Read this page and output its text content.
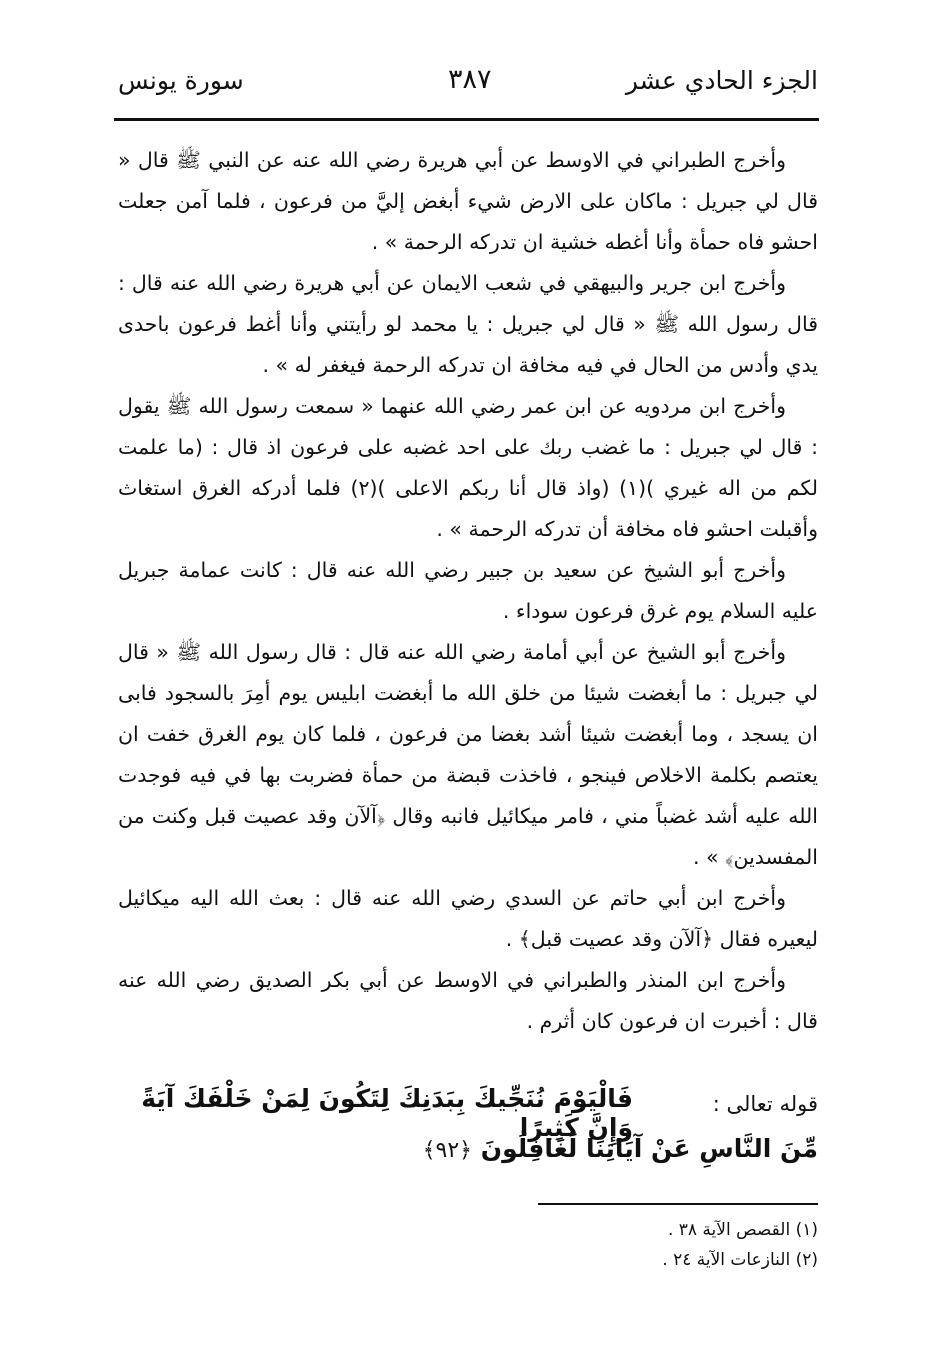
الجزء الحادي عشر
٣٨٧
سورة يونس

وأخرج الطبراني في الاوسط عن أبي هريرة رضي الله عنه عن النبي ﷺ قال « قال لي جبريل : ماكان على الارض شيء أبغض إليَّ من فرعون ، فلما آمن جعلت احشو فاه حمأة وأنا أغطه خشية ان تدركه الرحمة » .

وأخرج ابن جرير والبيهقي في شعب الايمان عن أبي هريرة رضي الله عنه قال : قال رسول الله ﷺ « قال لي جبريل : يا محمد لو رأيتني وأنا أغط فرعون باحدى يدي وأدس من الحال في فيه مخافة ان تدركه الرحمة فيغفر له » .

وأخرج ابن مردويه عن ابن عمر رضي الله عنهما « سمعت رسول الله ﷺ يقول : قال لي جبريل : ما غضب ربك على احد غضبه على فرعون اذ قال : (ما علمت لكم من اله غيري )(١) (واذ قال أنا ربكم الاعلى )(٢) فلما أدركه الغرق استغاث وأقبلت احشو فاه مخافة أن تدركه الرحمة » .

وأخرج أبو الشيخ عن سعيد بن جبير رضي الله عنه قال : كانت عمامة جبريل عليه السلام يوم غرق فرعون سوداء .

وأخرج أبو الشيخ عن أبي أمامة رضي الله عنه قال : قال رسول الله ﷺ « قال لي جبريل : ما أبغضت شيئا من خلق الله ما أبغضت ابليس يوم أمِرَ بالسجود فابى ان يسجد ، وما أبغضت شيئا أشد بغضا من فرعون ، فلما كان يوم الغرق خفت ان يعتصم بكلمة الاخلاص فينجو ، فاخذت قبضة من حمأة فضربت بها في فيه فوجدت الله عليه أشد غضباً مني ، فامر ميكائيل فانبه وقال ﴿آلآن وقد عصيت قبل وكنت من المفسدين﴾ » .

وأخرج ابن أبي حاتم عن السدي رضي الله عنه قال : بعث الله اليه ميكائيل ليعيره فقال ﴿آلآن وقد عصيت قبل﴾ .

وأخرج ابن المنذر والطبراني في الاوسط عن أبي بكر الصديق رضي الله عنه قال : أخبرت ان فرعون كان أثرم .

قوله تعالى :
فَالْيَوْمَ نُنَجِّيكَ بِبَدَنِكَ لِتَكُونَ لِمَنْ خَلْفَكَ آيَةً وَإِنَّ كَثِيرًا
مِّنَ النَّاسِ عَنْ آيَاتِنَا لَغَافِلُونَ ﴿٩٢﴾
(١) القصص الآية ٣٨ .
(٢) النازعات الآية ٢٤ .
